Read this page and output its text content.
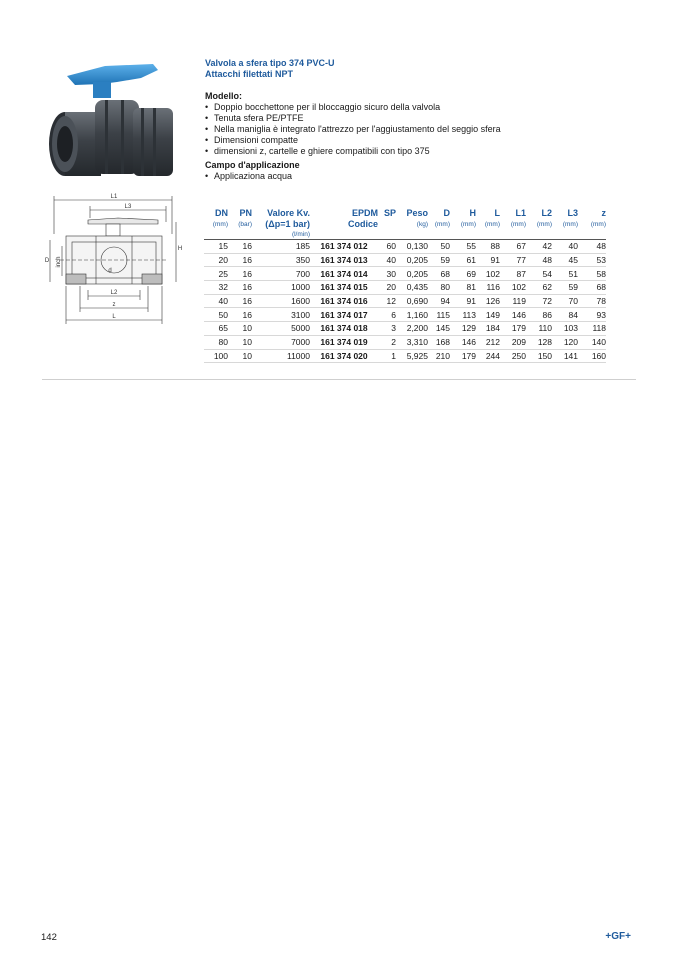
L1
L3
H
D inch
d
L2
z
L

Valvola a sfera tipo 374 PVC-U

Attacchi filettati NPT

Modello:

• Doppio bocchettone per il bloccaggio sicuro della valvola
• Tenuta sfera PE/PTFE
• Nella maniglia è integrato l'attrezzo per l'aggiustamento del seggio sfera
• Dimensioni compatte
• dimensioni z, cartelle e ghiere compatibili con tipo 375

Campo d'applicazione

• Applicaziona acqua
DN	PN	Valore Kv.	EPDM	SP	Peso	D	H	L	L1	L2	L3	z
(mm)	(bar)	(Δp=1 bar)	Codice		(kg)	(mm)	(mm)	(mm)	(mm)	(mm)	(mm)	(mm)
		(l/min)										
15	16	185	161 374 012	60	0,130	50	55	88	67	42	40	48
20	16	350	161 374 013	40	0,205	59	61	91	77	48	45	53
25	16	700	161 374 014	30	0,205	68	69	102	87	54	51	58
32	16	1000	161 374 015	20	0,435	80	81	116	102	62	59	68
40	16	1600	161 374 016	12	0,690	94	91	126	119	72	70	78
50	16	3100	161 374 017	6	1,160	115	113	149	146	86	84	93
65	10	5000	161 374 018	3	2,200	145	129	184	179	110	103	118
80	10	7000	161 374 019	2	3,310	168	146	212	209	128	120	140
100	10	11000	161 374 020	1	5,925	210	179	244	250	150	141	160
142	+GF+
